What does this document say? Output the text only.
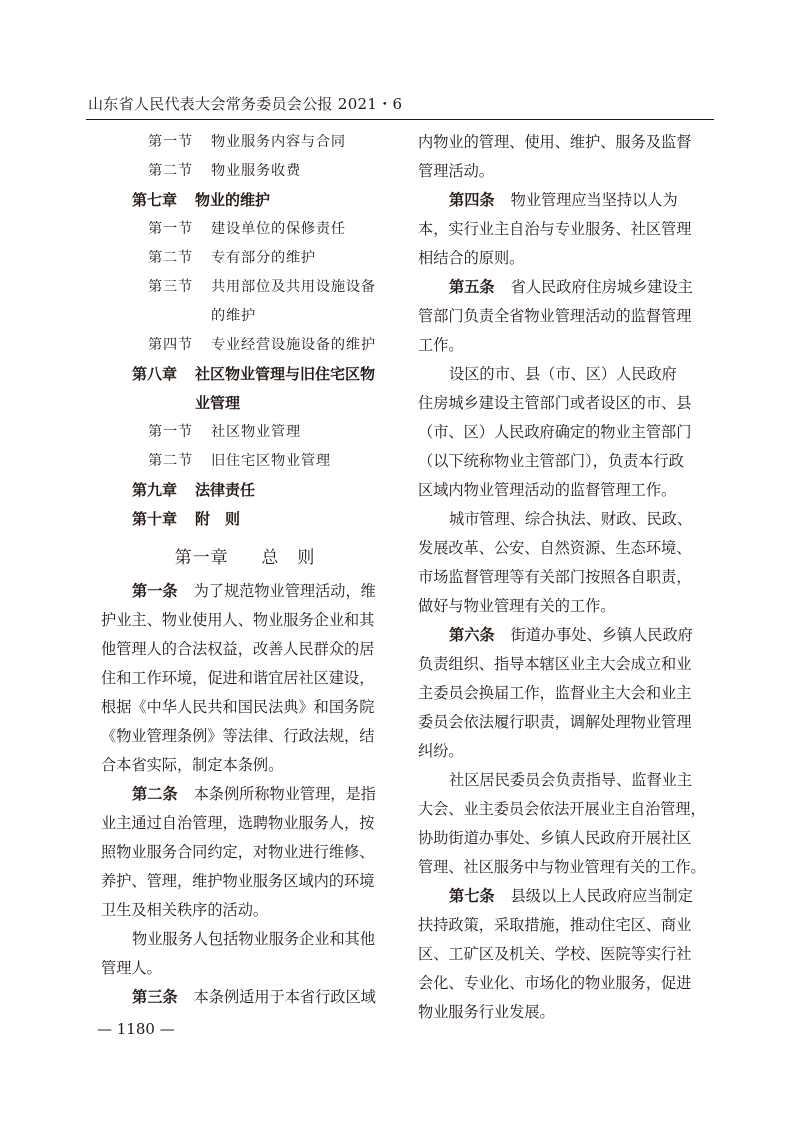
山东省人民代表大会常务委员会公报 2021・6
第一节 物业服务内容与合同
第二节 物业服务收费
第七章 物业的维护
第一节 建设单位的保修责任
第二节 专有部分的维护
第三节 共用部位及共用设施设备
的维护
第四节 专业经营设施设备的维护
第八章 社区物业管理与旧住宅区物
业管理
第一节 社区物业管理
第二节 旧住宅区物业管理
第九章 法律责任
第十章 附　则
第一章 总　则
第一条 为了规范物业管理活动，维
护业主、物业使用人、物业服务企业和其
他管理人的合法权益，改善人民群众的居
住和工作环境，促进和谐宜居社区建设，
根据《中华人民共和国民法典》和国务院
《物业管理条例》等法律、行政法规，结
合本省实际，制定本条例。
第二条 本条例所称物业管理，是指
业主通过自治管理，选聘物业服务人，按
照物业服务合同约定，对物业进行维修、
养护、管理，维护物业服务区域内的环境
卫生及相关秩序的活动。
物业服务人包括物业服务企业和其他
管理人。
第三条 本条例适用于本省行政区域
内物业的管理、使用、维护、服务及监督
管理活动。
第四条 物业管理应当坚持以人为
本，实行业主自治与专业服务、社区管理
相结合的原则。
第五条 省人民政府住房城乡建设主
管部门负责全省物业管理活动的监督管理
工作。
设区的市、县（市、区）人民政府
住房城乡建设主管部门或者设区的市、县
（市、区）人民政府确定的物业主管部门
（以下统称物业主管部门），负责本行政
区域内物业管理活动的监督管理工作。
城市管理、综合执法、财政、民政、
发展改革、公安、自然资源、生态环境、
市场监督管理等有关部门按照各自职责，
做好与物业管理有关的工作。
第六条 街道办事处、乡镇人民政府
负责组织、指导本辖区业主大会成立和业
主委员会换届工作，监督业主大会和业主
委员会依法履行职责，调解处理物业管理
纠纷。
社区居民委员会负责指导、监督业主
大会、业主委员会依法开展业主自治管理，
协助街道办事处、乡镇人民政府开展社区
管理、社区服务中与物业管理有关的工作。
第七条 县级以上人民政府应当制定
扶持政策，采取措施，推动住宅区、商业
区、工矿区及机关、学校、医院等实行社
会化、专业化、市场化的物业服务，促进
物业服务行业发展。
— 1180 —
